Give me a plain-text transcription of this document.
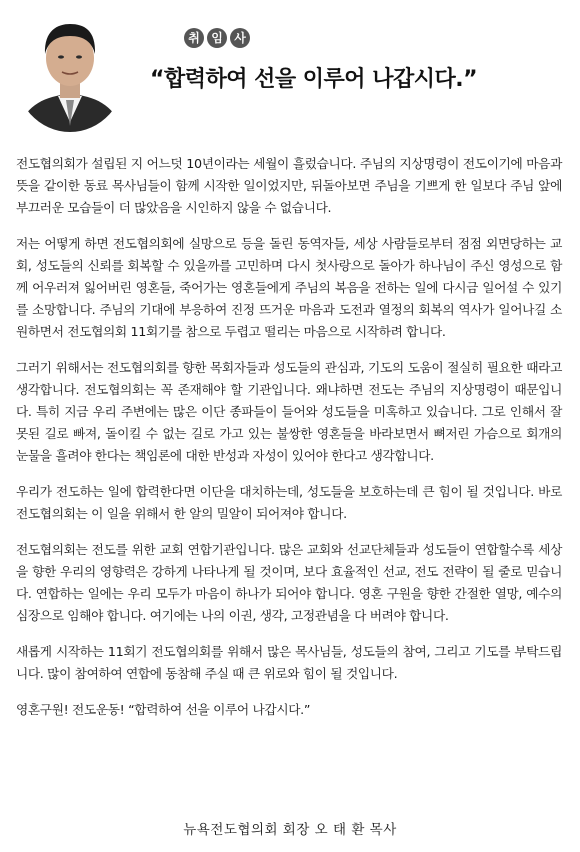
취 임 사
“합력하여 선을 이루어 나갑시다.”

전도협의회가 설립된 지 어느덧 10년이라는 세월이 흘렀습니다. 주님의 지상명령이 전도이기에 마음과 뜻을 같이한 동료 목사님들이 함께 시작한 일이었지만, 뒤돌아보면 주님을 기쁘게 한 일보다 주님 앞에 부끄러운 모습들이 더 많았음을 시인하지 않을 수 없습니다.

저는 어떻게 하면 전도협의회에 실망으로 등을 돌린 동역자들, 세상 사람들로부터 점점 외면당하는 교회, 성도들의 신뢰를 회복할 수 있을까를 고민하며 다시 첫사랑으로 돌아가 하나님이 주신 영성으로 함께 어우러져 잃어버린 영혼들, 죽어가는 영혼들에게 주님의 복음을 전하는 일에 다시금 일어설 수 있기를 소망합니다. 주님의 기대에 부응하여 진정 뜨거운 마음과 도전과 열정의 회복의 역사가 일어나길 소원하면서 전도협의회 11회기를 참으로 두렵고 떨리는 마음으로 시작하려 합니다.

그러기 위해서는 전도협의회를 향한 목회자들과 성도들의 관심과, 기도의 도움이 절실히 필요한 때라고 생각합니다. 전도협의회는 꼭 존재해야 할 기관입니다. 왜냐하면 전도는 주님의 지상명령이 때문입니다. 특히 지금 우리 주변에는 많은 이단 종파들이 들어와 성도들을 미혹하고 있습니다. 그로 인해서 잘못된 길로 빠져, 돌이킬 수 없는 길로 가고 있는 불쌍한 영혼들을 바라보면서 뼈저린 가슴으로 회개의 눈물을 흘려야 한다는 책임론에 대한 반성과 자성이 있어야 한다고 생각합니다.

우리가 전도하는 일에 합력한다면 이단을 대치하는데, 성도들을 보호하는데 큰 힘이 될 것입니다. 바로 전도협의회는 이 일을 위해서 한 알의 밀알이 되어져야 합니다.

전도협의회는 전도를 위한 교회 연합기관입니다. 많은 교회와 선교단체들과 성도들이 연합할수록 세상을 향한 우리의 영향력은 강하게 나타나게 될 것이며, 보다 효율적인 선교, 전도 전략이 될 줄로 믿습니다. 연합하는 일에는 우리 모두가 마음이 하나가 되어야 합니다. 영혼 구원을 향한 간절한 열망, 예수의 심장으로 임해야 합니다. 여기에는 나의 이권, 생각, 고정관념을 다 버려야 합니다.

새롭게 시작하는 11회기 전도협의회를 위해서 많은 목사님들, 성도들의 참여, 그리고 기도를 부탁드립니다. 많이 참여하여 연합에 동참해 주실 때 큰 위로와 힘이 될 것입니다.

영혼구원! 전도운동! “합력하여 선을 이루어 나갑시다.”

뉴욕전도협의회 회장 오 태 환 목사
